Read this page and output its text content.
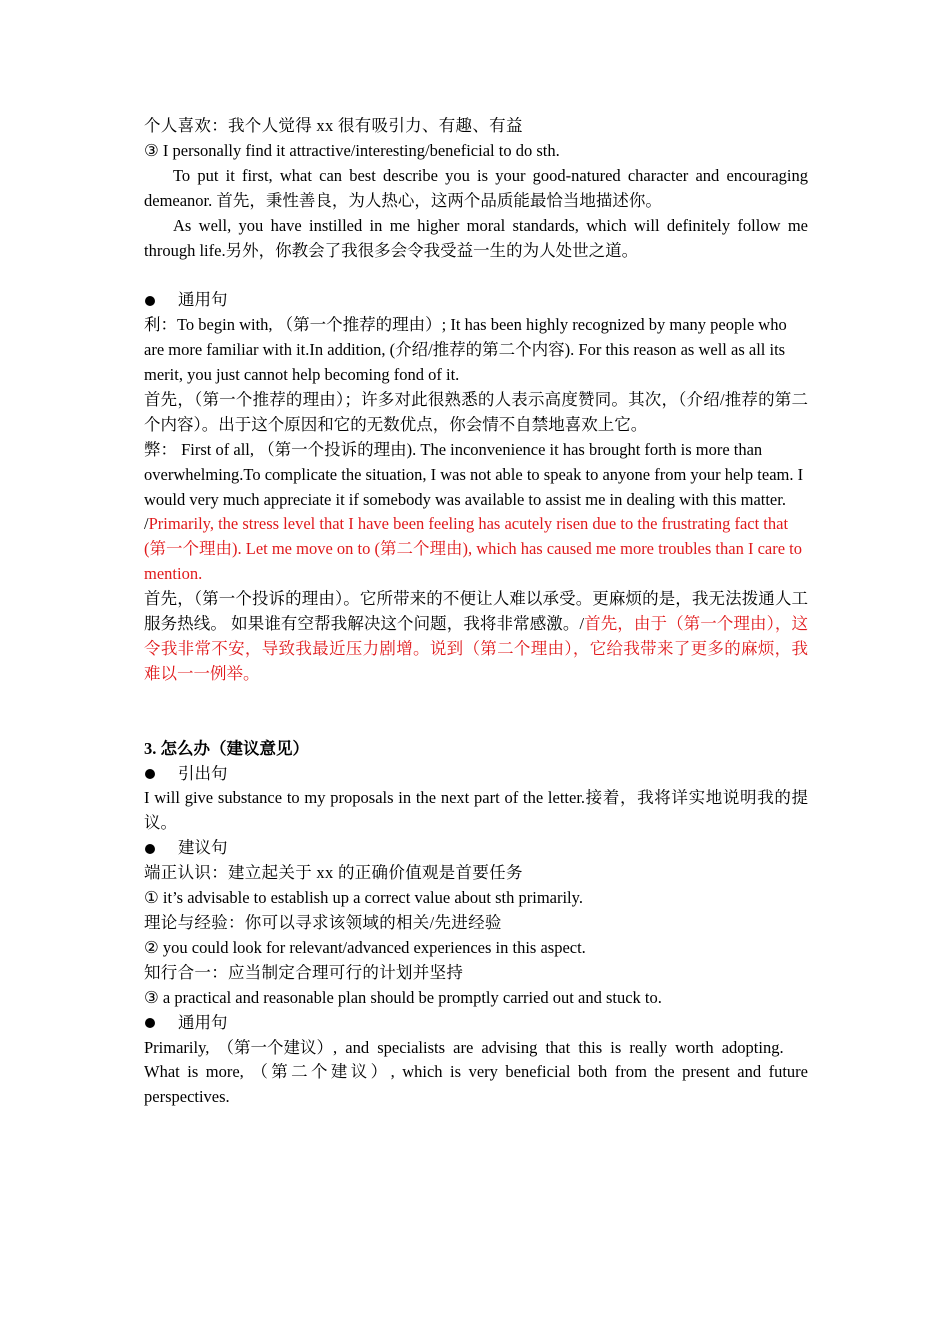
个人喜欢：我个人觉得 xx 很有吸引力、有趣、有益

③ I personally find it attractive/interesting/beneficial to do sth.

To put it first, what can best describe you is your good-natured character and encouraging demeanor. 首先，秉性善良，为人热心，这两个品质能最恰当地描述你。

As well, you have instilled in me higher moral standards, which will definitely follow me through life.另外，你教会了我很多会令我受益一生的为人处世之道。

通用句

利：To begin with, （第一个推荐的理由）; It has been highly recognized by many people who are more familiar with it.In addition, (介绍/推荐的第二个内容). For this reason as well as all its merit, you just cannot help becoming fond of it.

首先，（第一个推荐的理由）；许多对此很熟悉的人表示高度赞同。其次，（介绍/推荐的第二个内容）。出于这个原因和它的无数优点，你会情不自禁地喜欢上它。

弊： First of all, （第一个投诉的理由). The inconvenience it has brought forth is more than overwhelming.To complicate the situation, I was not able to speak to anyone from your help team. I would very much appreciate it if somebody was available to assist me in dealing with this matter. /Primarily, the stress level that I have been feeling has acutely risen due to the frustrating fact that (第一个理由). Let me move on to (第二个理由), which has caused me more troubles than I care to mention.

首先，（第一个投诉的理由）。它所带来的不便让人难以承受。更麻烦的是，我无法拨通人工服务热线。 如果谁有空帮我解决这个问题，我将非常感激。/首先，由于（第一个理由），这令我非常不安，导致我最近压力剧增。说到（第二个理由），它给我带来了更多的麻烦，我难以一一例举。

3. 怎么办（建议意见）

引出句

I will give substance to my proposals in the next part of the letter.接着，我将详实地说明我的提议。

建议句

端正认识：建立起关于 xx 的正确价值观是首要任务

① it’s advisable to establish up a correct value about sth primarily.

理论与经验：你可以寻求该领域的相关/先进经验

② you could look for relevant/advanced experiences in this aspect.

知行合一：应当制定合理可行的计划并坚持

③ a practical and reasonable plan should be promptly carried out and stuck to.

通用句

Primarily, （第一个建议）, and specialists are advising that this is really worth adopting.

What is more, （第二个建议）, which is very beneficial both from the present and future perspectives.
